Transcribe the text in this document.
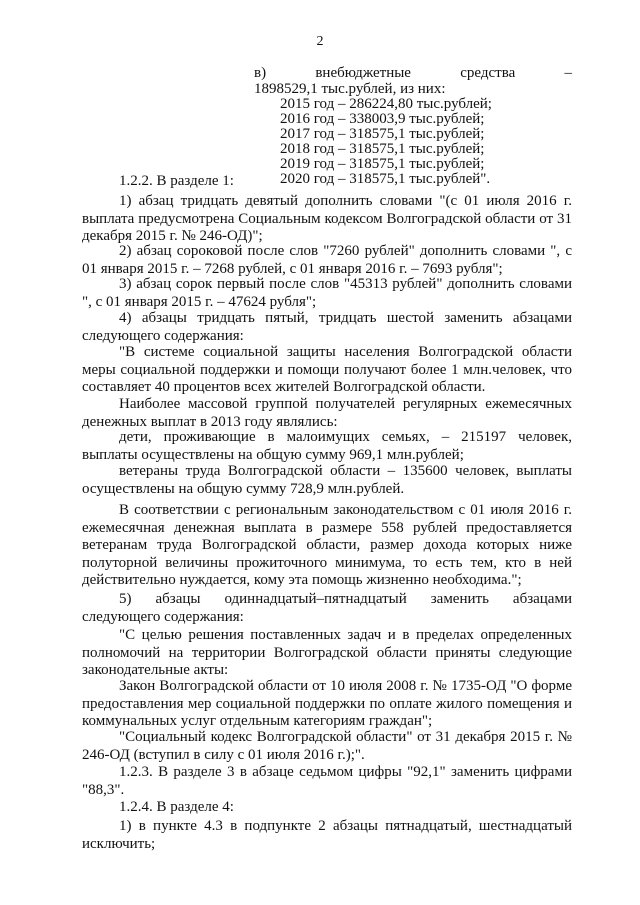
2

в) внебюджетные средства –

1898529,1 тыс.рублей, из них:

2015 год – 286224,80 тыс.рублей;
2016 год – 338003,9 тыс.рублей;
2017 год – 318575,1 тыс.рублей;
2018 год – 318575,1 тыс.рублей;
2019 год – 318575,1 тыс.рублей;
2020 год – 318575,1 тыс.рублей".

1.2.2. В разделе 1:

1) абзац тридцать девятый дополнить словами "(с 01 июля 2016 г. выплата предусмотрена Социальным кодексом Волгоградской области от 31 декабря 2015 г. № 246-ОД)";

2) абзац сороковой после слов "7260 рублей" дополнить словами ", с 01 января 2015 г. – 7268 рублей, с 01 января 2016 г. – 7693 рубля";

3) абзац сорок первый после слов "45313 рублей" дополнить словами ", с 01 января 2015 г. – 47624 рубля";

4) абзацы тридцать пятый, тридцать шестой заменить абзацами следующего содержания:

"В системе социальной защиты населения Волгоградской области меры социальной поддержки и помощи получают более 1 млн.человек, что составляет 40 процентов всех жителей Волгоградской области.

Наиболее массовой группой получателей регулярных ежемесячных денежных выплат в 2013 году являлись:

дети, проживающие в малоимущих семьях, – 215197 человек, выплаты осуществлены на общую сумму 969,1 млн.рублей;

ветераны труда Волгоградской области – 135600 человек, выплаты осуществлены на общую сумму 728,9 млн.рублей.

В соответствии с региональным законодательством с 01 июля 2016 г. ежемесячная денежная выплата в размере 558 рублей предоставляется ветеранам труда Волгоградской области, размер дохода которых ниже полуторной величины прожиточного минимума, то есть тем, кто в ней действительно нуждается, кому эта помощь жизненно необходима.";

5) абзацы одиннадцатый–пятнадцатый заменить абзацами следующего содержания:

"С целью решения поставленных задач и в пределах определенных полномочий на территории Волгоградской области приняты следующие законодательные акты:

Закон Волгоградской области от 10 июля 2008 г. № 1735-ОД "О форме предоставления мер социальной поддержки по оплате жилого помещения и коммунальных услуг отдельным категориям граждан";

"Социальный кодекс Волгоградской области" от 31 декабря 2015 г. № 246-ОД (вступил в силу с 01 июля 2016 г.);".

1.2.3. В разделе 3 в абзаце седьмом цифры "92,1" заменить цифрами "88,3".

1.2.4. В разделе 4:

1) в пункте 4.3 в подпункте 2 абзацы пятнадцатый, шестнадцатый исключить;
